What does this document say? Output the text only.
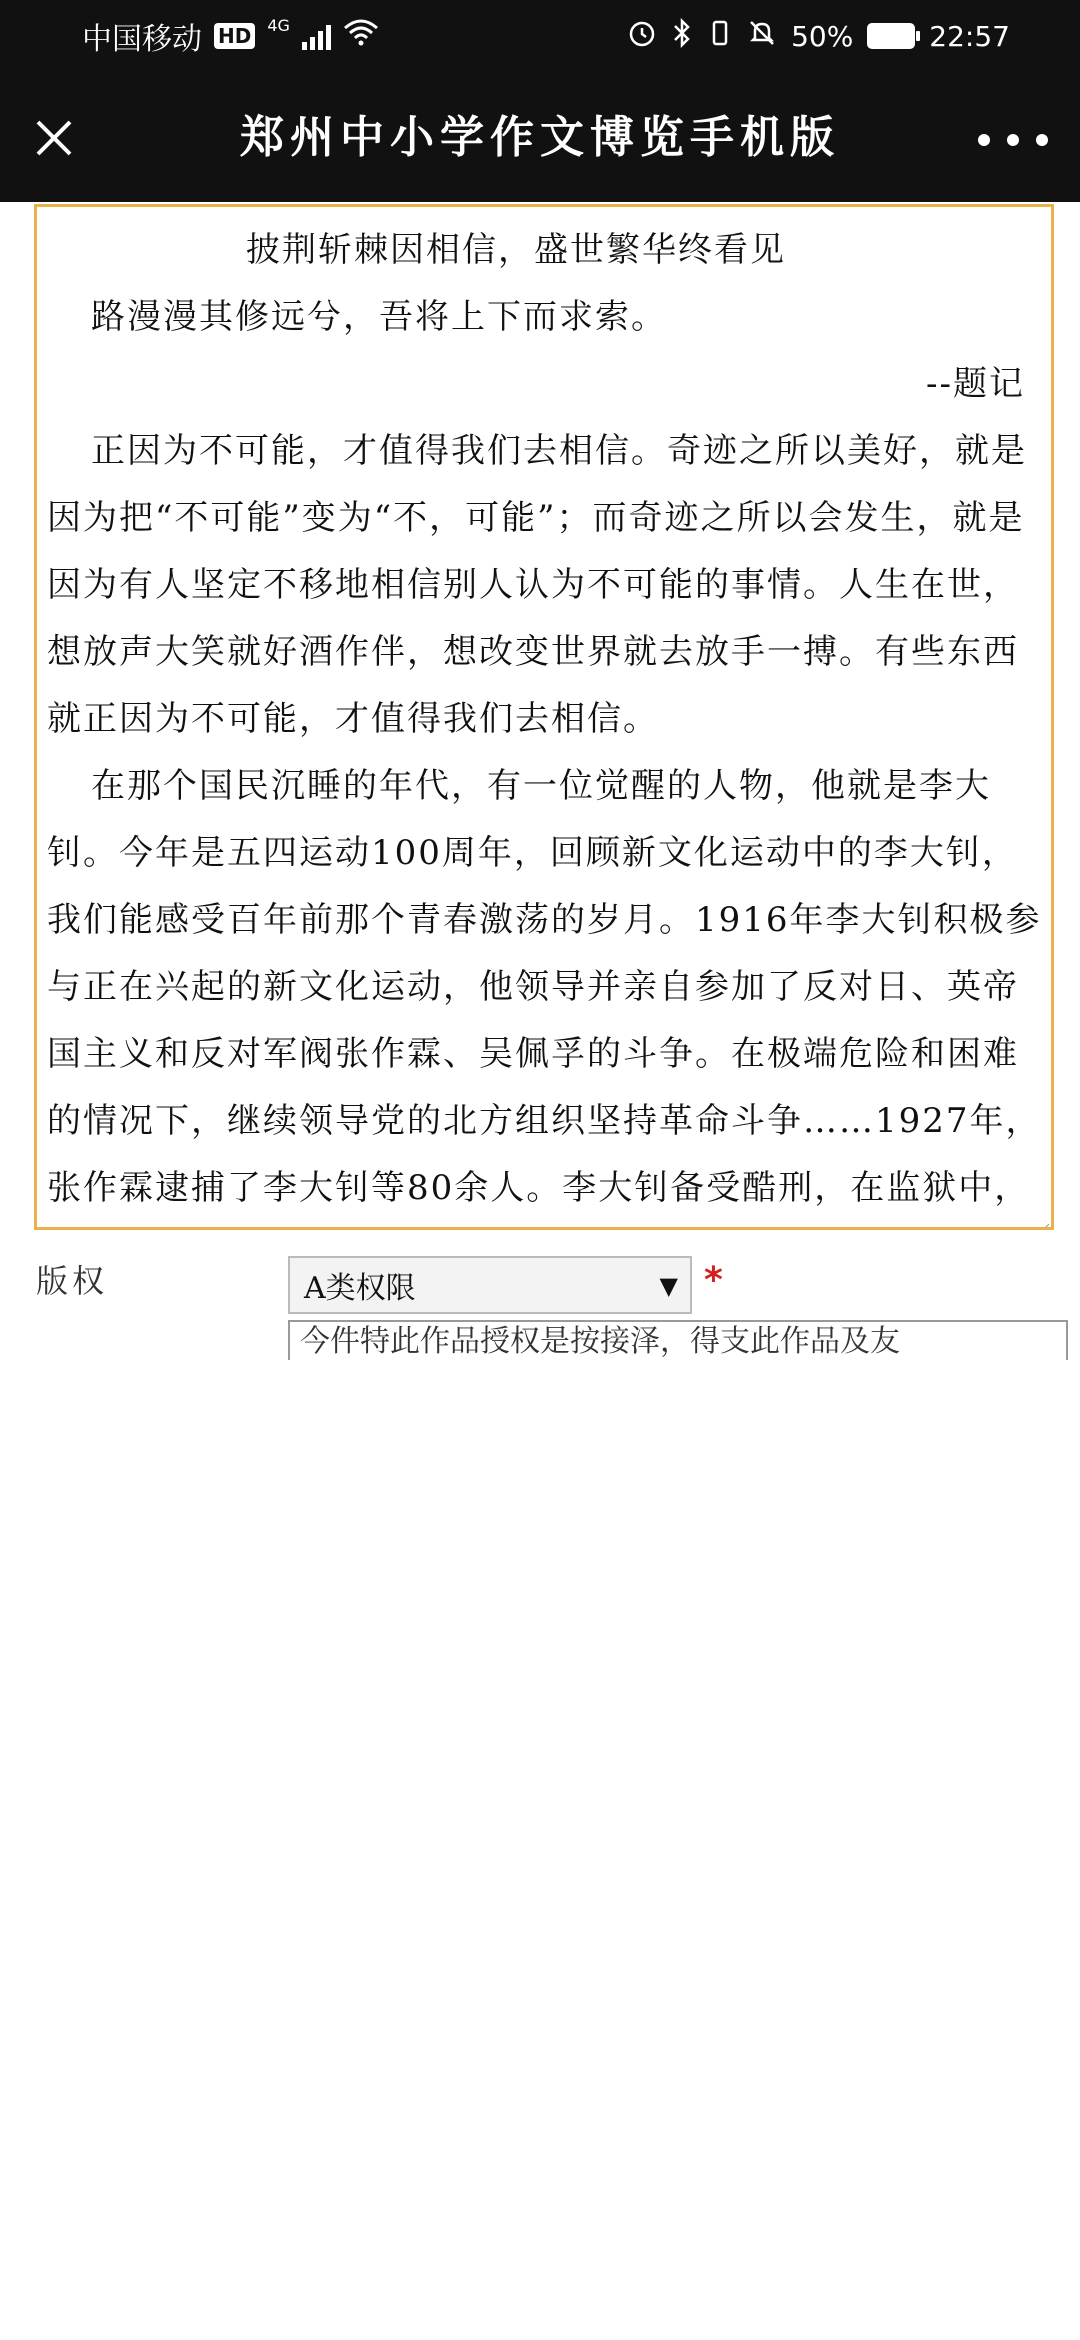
中国移动 HD 4G	50%	22:57
郑州中小学作文博览手机版
披荆斩棘因相信，盛世繁华终看见

路漫漫其修远兮，吾将上下而求索。

--题记

正因为不可能，才值得我们去相信。奇迹之所以美好，就是因为把“不可能”变为“不，可能”；而奇迹之所以会发生，就是因为有人坚定不移地相信别人认为不可能的事情。人生在世，想放声大笑就好酒作伴，想改变世界就去放手一搏。有些东西就正因为不可能，才值得我们去相信。

在那个国民沉睡的年代，有一位觉醒的人物，他就是李大钊。今年是五四运动100周年，回顾新文化运动中的李大钊，我们能感受百年前那个青春激荡的岁月。1916年李大钊积极参与正在兴起的新文化运动，他领导并亲自参加了反对日、英帝国主义和反对军阀张作霖、吴佩孚的斗争。在极端危险和困难的情况下，继续领导党的北方组织坚持革命斗争……1927年，张作霖逮捕了李大钊等80余人。李大钊备受酷刑，在监狱中，

版权	A类权限	▼ *
今件特此作品授权是按接泽，得支此作品及友
